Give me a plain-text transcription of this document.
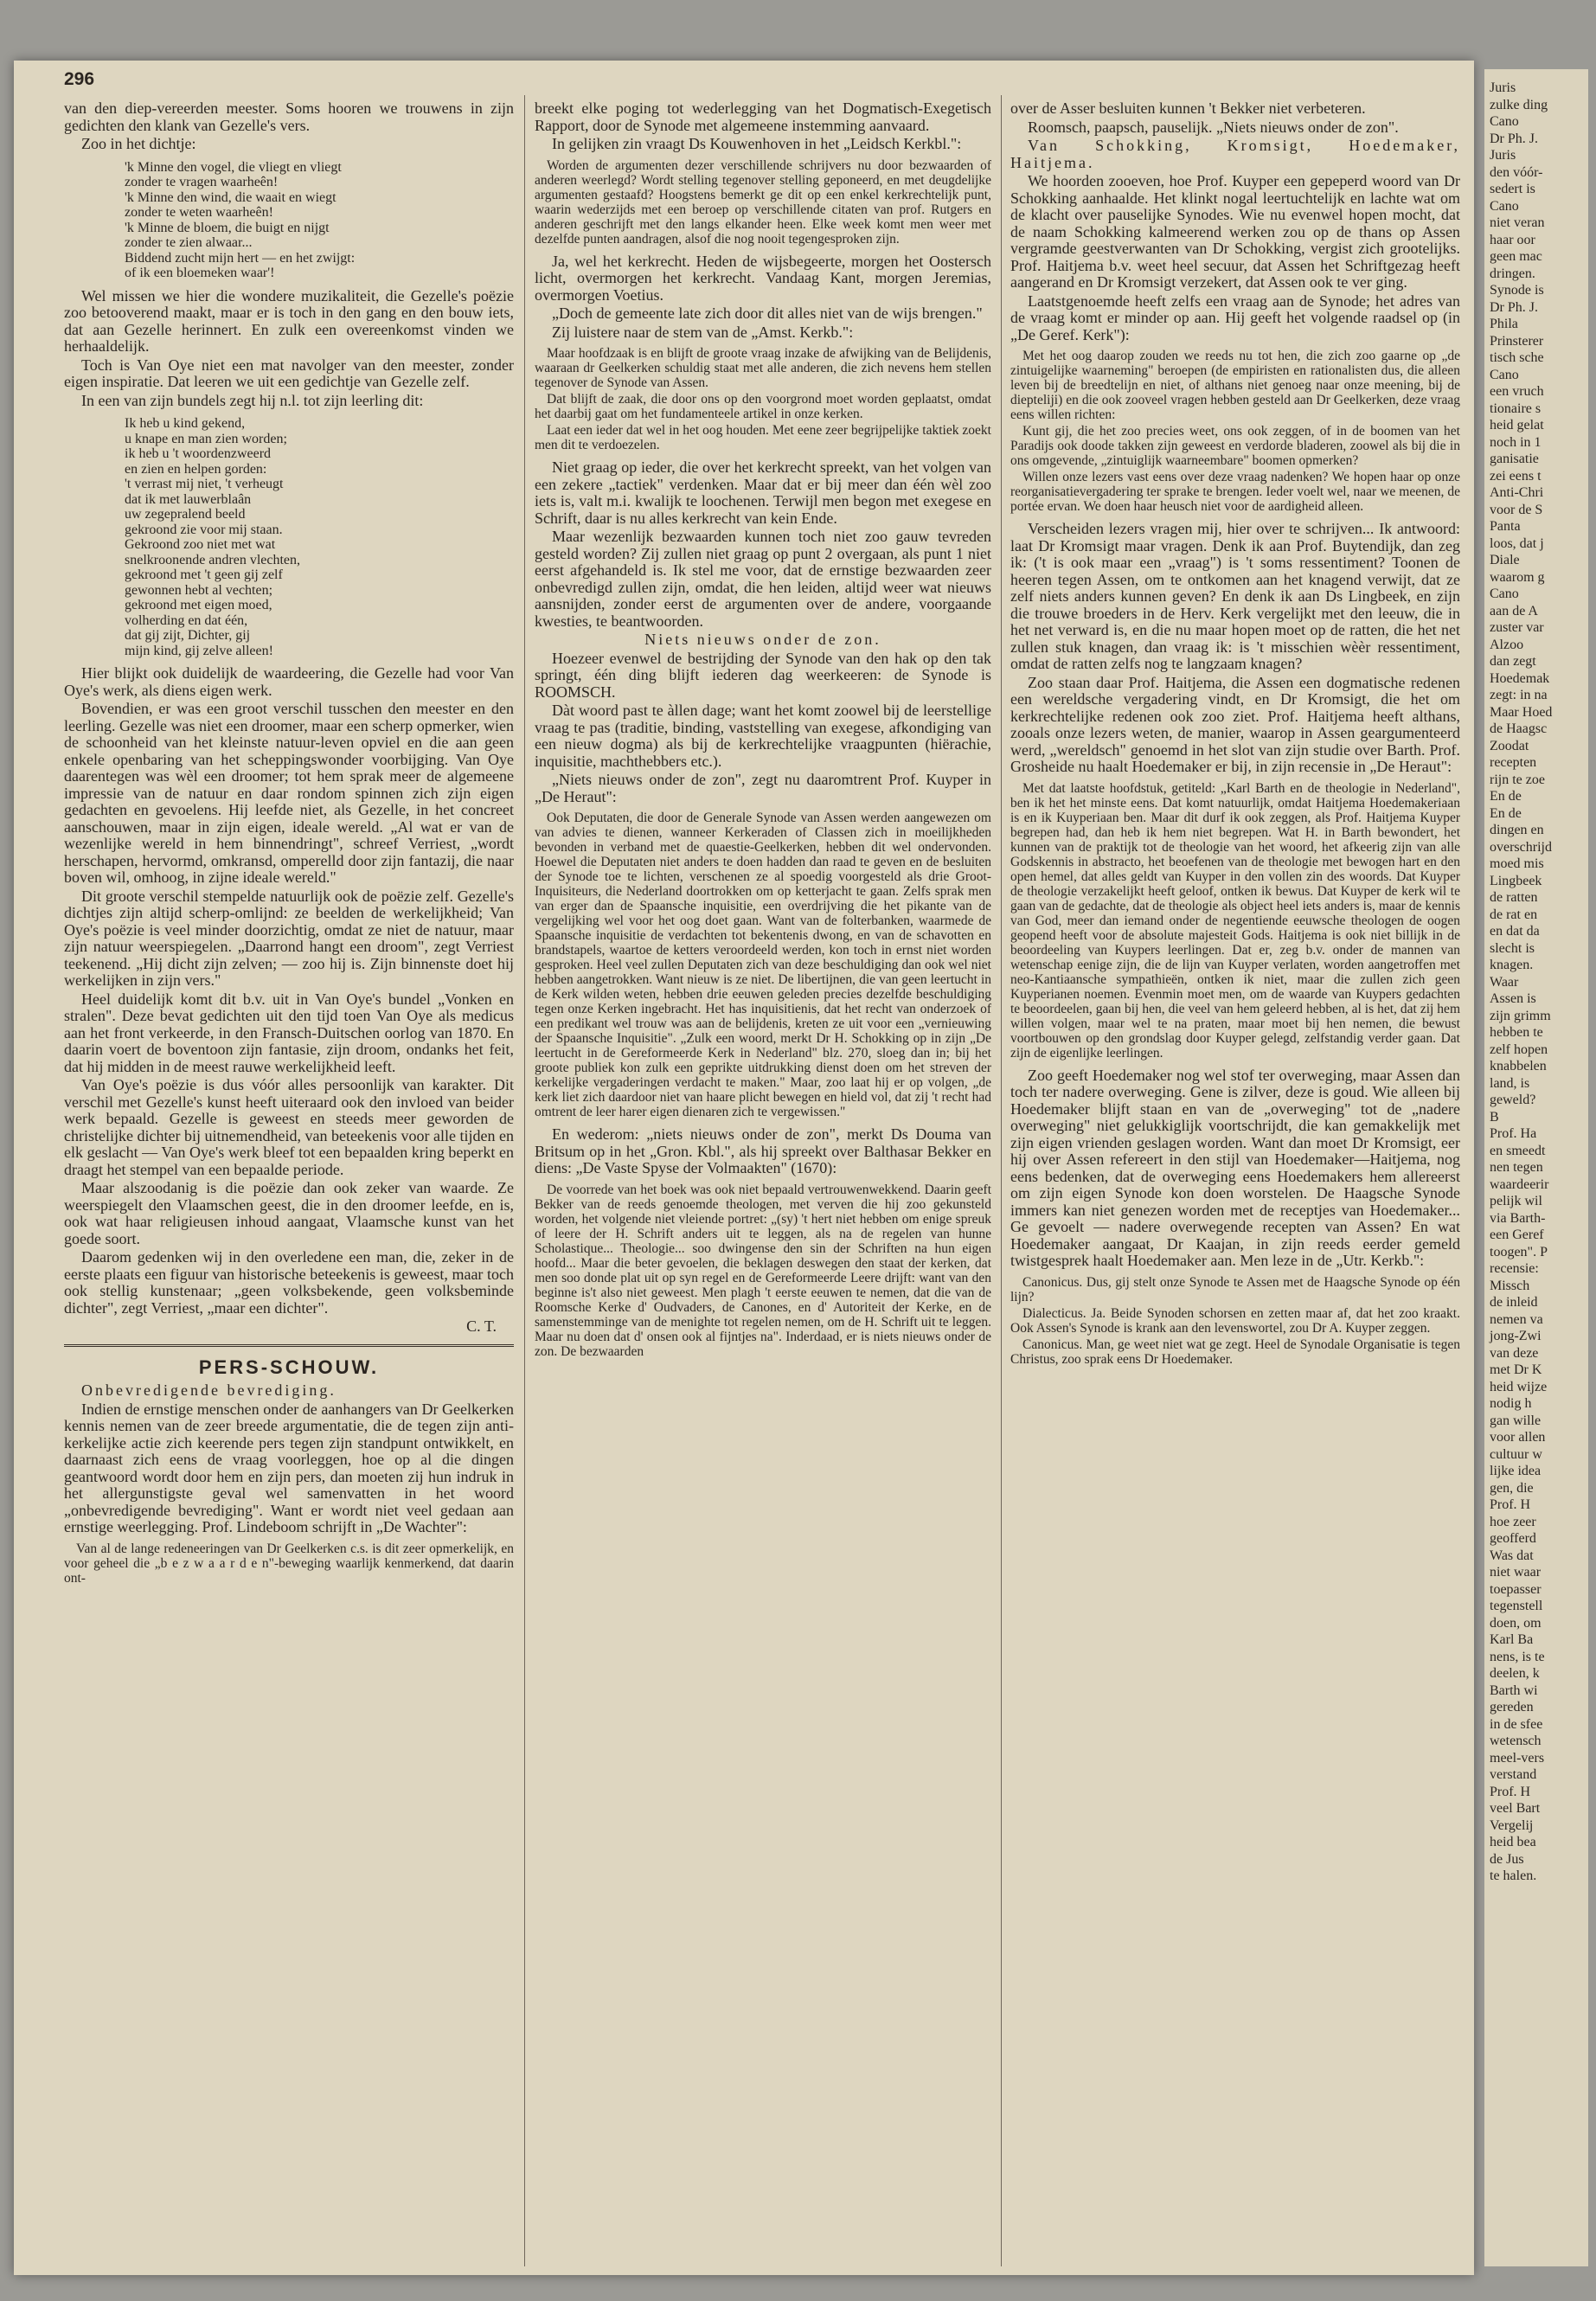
296

van den diep-vereerden meester. Soms hooren we trouwens in zijn gedichten den klank van Gezelle's vers.

Zoo in het dichtje:

'k Minne den vogel, die vliegt en vliegt
zonder te vragen waarheên!
'k Minne den wind, die waait en wiegt
zonder te weten waarheên!
'k Minne de bloem, die buigt en nijgt
zonder te zien alwaar...
Biddend zucht mijn hert — en het zwijgt:
of ik een bloemeken waar'!

Wel missen we hier die wondere muzikaliteit, die Gezelle's poëzie zoo betooverend maakt, maar er is toch in den gang en den bouw iets, dat aan Gezelle herinnert. En zulk een overeenkomst vinden we herhaaldelijk.

Toch is Van Oye niet een mat navolger van den meester, zonder eigen inspiratie. Dat leeren we uit een gedichtje van Gezelle zelf.

In een van zijn bundels zegt hij n.l. tot zijn leerling dit:

Ik heb u kind gekend,
u knape en man zien worden;
ik heb u 't woordenzweerd
en zien en helpen gorden:
't verrast mij niet, 't verheugt
dat ik met lauwerblaân
uw zegepralend beeld
gekroond zie voor mij staan.
Gekroond zoo niet met wat
snelkroonende andren vlechten,
gekroond met 't geen gij zelf
gewonnen hebt al vechten;
gekroond met eigen moed,
volherding en dat één,
dat gij zijt, Dichter, gij
mijn kind, gij zelve alleen!

Hier blijkt ook duidelijk de waardeering, die Gezelle had voor Van Oye's werk, als diens eigen werk.

Bovendien, er was een groot verschil tusschen den meester en den leerling. Gezelle was niet een droomer, maar een scherp opmerker, wien de schoonheid van het kleinste natuur-leven opviel en die aan geen enkele openbaring van het scheppingswonder voorbijging. Van Oye daarentegen was wèl een droomer; tot hem sprak meer de algemeene impressie van de natuur en daar rondom spinnen zich zijn eigen gedachten en gevoelens. Hij leefde niet, als Gezelle, in het concreet aanschouwen, maar in zijn eigen, ideale wereld. „Al wat er van de wezenlijke wereld in hem binnendringt", schreef Verriest, „wordt herschapen, hervormd, omkransd, omperelld door zijn fantazij, die naar boven wil, omhoog, in zijne ideale wereld."

Dit groote verschil stempelde natuurlijk ook de poëzie zelf. Gezelle's dichtjes zijn altijd scherp-omlijnd: ze beelden de werkelijkheid; Van Oye's poëzie is veel minder doorzichtig, omdat ze niet de natuur, maar zijn natuur weerspiegelen. „Daarrond hangt een droom", zegt Verriest teekenend. „Hij dicht zijn zelven; — zoo hij is. Zijn binnenste doet hij werkelijken in zijn vers."

Heel duidelijk komt dit b.v. uit in Van Oye's bundel „Vonken en stralen". Deze bevat gedichten uit den tijd toen Van Oye als medicus aan het front verkeerde, in den Fransch-Duitschen oorlog van 1870. En daarin voert de boventoon zijn fantasie, zijn droom, ondanks het feit, dat hij midden in de meest rauwe werkelijkheid leeft.

Van Oye's poëzie is dus vóór alles persoonlijk van karakter. Dit verschil met Gezelle's kunst heeft uiteraard ook den invloed van beider werk bepaald. Gezelle is geweest en steeds meer geworden de christelijke dichter bij uitnemendheid, van beteekenis voor alle tijden en elk geslacht — Van Oye's werk bleef tot een bepaalden kring beperkt en draagt het stempel van een bepaalde periode.

Maar alszoodanig is die poëzie dan ook zeker van waarde. Ze weerspiegelt den Vlaamschen geest, die in den droomer leefde, en is, ook wat haar religieusen inhoud aangaat, Vlaamsche kunst van het goede soort.

Daarom gedenken wij in den overledene een man, die, zeker in de eerste plaats een figuur van historische beteekenis is geweest, maar toch ook stellig kunstenaar; „geen volksbekende, geen volksbeminde dichter", zegt Verriest, „maar een dichter".

C. T.
PERS-SCHOUW.

Onbevredigende bevrediging.

Indien de ernstige menschen onder de aanhangers van Dr Geelkerken kennis nemen van de zeer breede argumentatie, die de tegen zijn anti-kerkelijke actie zich keerende pers tegen zijn standpunt ontwikkelt, en daarnaast zich eens de vraag voorleggen, hoe op al die dingen geantwoord wordt door hem en zijn pers, dan moeten zij hun indruk in het allergunstigste geval wel samenvatten in het woord „onbevredigende bevrediging". Want er wordt niet veel gedaan aan ernstige weerlegging. Prof. Lindeboom schrijft in „De Wachter":

Van al de lange redeneeringen van Dr Geelkerken c.s. is dit zeer opmerkelijk, en voor geheel die „b e z w a a r d e n"-beweging waarlijk kenmerkend, dat daarin ont-

breekt elke poging tot wederlegging van het Dogmatisch-Exegetisch Rapport, door de Synode met algemeene instemming aanvaard.

In gelijken zin vraagt Ds Kouwenhoven in het „Leidsch Kerkbl.":

Worden de argumenten dezer verschillende schrijvers nu door bezwaarden of anderen weerlegd? Wordt stelling tegenover stelling geponeerd, en met deugdelijke argumenten gestaafd? Hoogstens bemerkt ge dit op een enkel kerkrechtelijk punt, waarin wederzijds met een beroep op verschillende citaten van prof. Rutgers en anderen geschrijft met den langs elkander heen. Elke week komt men weer met dezelfde punten aandragen, alsof die nog nooit tegengesproken zijn.

Ja, wel het kerkrecht. Heden de wijsbegeerte, morgen het Oostersch licht, overmorgen het kerkrecht. Vandaag Kant, morgen Jeremias, overmorgen Voetius.

„Doch de gemeente late zich door dit alles niet van de wijs brengen."

Zij luistere naar de stem van de „Amst. Kerkb.":

Maar hoofdzaak is en blijft de groote vraag inzake de afwijking van de Belijdenis, waaraan dr Geelkerken schuldig staat met alle anderen, die zich nevens hem stellen tegenover de Synode van Assen.

Dat blijft de zaak, die door ons op den voorgrond moet worden geplaatst, omdat het daarbij gaat om het fundamenteele artikel in onze kerken.

Laat een ieder dat wel in het oog houden. Met eene zeer begrijpelijke taktiek zoekt men dit te verdoezelen.

Niet graag op ieder, die over het kerkrecht spreekt, van het volgen van een zekere „tactiek" verdenken. Maar dat er bij meer dan één wèl zoo iets is, valt m.i. kwalijk te loochenen. Terwijl men begon met exegese en Schrift, daar is nu alles kerkrecht van kein Ende.

Maar wezenlijk bezwaarden kunnen toch niet zoo gauw tevreden gesteld worden? Zij zullen niet graag op punt 2 overgaan, als punt 1 niet eerst afgehandeld is. Ik stel me voor, dat de ernstige bezwaarden zeer onbevredigd zullen zijn, omdat, die hen leiden, altijd weer wat nieuws aansnijden, zonder eerst de argumenten over de andere, voorgaande kwesties, te beantwoorden.

Niets nieuws onder de zon.

Hoezeer evenwel de bestrijding der Synode van den hak op den tak springt, één ding blijft iederen dag weerkeeren: de Synode is ROOMSCH.

Dàt woord past te àllen dage; want het komt zoowel bij de leerstellige vraag te pas (traditie, binding, vaststelling van exegese, afkondiging van een nieuw dogma) als bij de kerkrechtelijke vraagpunten (hiërachie, inquisitie, machthebbers etc.).

„Niets nieuws onder de zon", zegt nu daaromtrent Prof. Kuyper in „De Heraut":

Ook Deputaten, die door de Generale Synode van Assen werden aangewezen om van advies te dienen, wanneer Kerkeraden of Classen zich in moeilijkheden bevonden in verband met de quaestie-Geelkerken, hebben dit wel ondervonden. Hoewel die Deputaten niet anders te doen hadden dan raad te geven en de besluiten der Synode toe te lichten, verschenen ze al spoedig voorgesteld als drie Groot-Inquisiteurs, die Nederland doortrokken om op ketterjacht te gaan. Zelfs sprak men van erger dan de Spaansche inquisitie, een overdrijving die het pikante van de vergelijking wel voor het oog doet gaan. Want van de folterbanken, waarmede de Spaansche inquisitie de verdachten tot bekentenis dwong, en van de schavotten en brandstapels, waartoe de ketters veroordeeld werden, kon toch in ernst niet worden gesproken. Heel veel zullen Deputaten zich van deze beschuldiging dan ook wel niet hebben aangetrokken. Want nieuw is ze niet. De libertijnen, die van geen leertucht in de Kerk wilden weten, hebben drie eeuwen geleden precies dezelfde beschuldiging tegen onze Kerken ingebracht. Het has inquisitienis, dat het recht van onderzoek of een predikant wel trouw was aan de belijdenis, kreten ze uit voor een „vernieuwing der Spaansche Inquisitie". „Zulk een woord, merkt Dr H. Schokking op in zijn „De leertucht in de Gereformeerde Kerk in Nederland" blz. 270, sloeg dan in; bij het groote publiek kon zulk een geprikte uitdrukking dienst doen om het streven der kerkelijke vergaderingen verdacht te maken." Maar, zoo laat hij er op volgen, „de kerk liet zich daardoor niet van haare plicht bewegen en hield vol, dat zij 't recht had omtrent de leer harer eigen dienaren zich te vergewissen."

En wederom: „niets nieuws onder de zon", merkt Ds Douma van Britsum op in het „Gron. Kbl.", als hij spreekt over Balthasar Bekker en diens: „De Vaste Spyse der Volmaakten" (1670):

De voorrede van het boek was ook niet bepaald vertrouwenwekkend. Daarin geeft Bekker van de reeds genoemde theologen, met verven die hij zoo gekunsteld worden, het volgende niet vleiende portret: „(sy) 't hert niet hebben om enige spreuk of leere der H. Schrift anders uit te leggen, als na de regelen van hunne Scholastique... Theologie... soo dwingense den sin der Schriften na hun eigen hoofd... Maar die beter gevoelen, die beklagen deswegen den staat der kerken, dat men soo donde plat uit op syn regel en de Gereformeerde Leere drijft: want van den beginne is't also niet geweest. Men plagh 't eerste eeuwen te nemen, dat die van de Roomsche Kerke d' Oudvaders, de Canones, en d' Autoriteit der Kerke, en de samenstemminge van de menighte tot regelen nemen, om de H. Schrift uit te leggen. Maar nu doen dat d' onsen ook al fijntjes na". Inderdaad, er is niets nieuws onder de zon. De bezwaarden

over de Asser besluiten kunnen 't Bekker niet verbeteren.

Roomsch, paapsch, pauselijk. „Niets nieuws onder de zon".

Van Schokking, Kromsigt, Hoedemaker, Haitjema.

We hoorden zooeven, hoe Prof. Kuyper een gepeperd woord van Dr Schokking aanhaalde. Het klinkt nogal leertuchtelijk en lachte wat om de klacht over pauselijke Synodes. Wie nu evenwel hopen mocht, dat de naam Schokking kalmeerend werken zou op de thans op Assen vergramde geestverwanten van Dr Schokking, vergist zich grootelijks. Prof. Haitjema b.v. weet heel secuur, dat Assen het Schriftgezag heeft aangerand en Dr Kromsigt verzekert, dat Assen ook te ver ging.

Laatstgenoemde heeft zelfs een vraag aan de Synode; het adres van de vraag komt er minder op aan. Hij geeft het volgende raadsel op (in „De Geref. Kerk"):

Met het oog daarop zouden we reeds nu tot hen, die zich zoo gaarne op „de zintuigelijke waarneming" beroepen (de empiristen en rationalisten dus, die alleen leven bij de breedtelijn en niet, of althans niet genoeg naar onze meening, bij de diepteliji) en die ook zooveel vragen hebben gesteld aan Dr Geelkerken, deze vraag eens willen richten:

Kunt gij, die het zoo precies weet, ons ook zeggen, of in de boomen van het Paradijs ook doode takken zijn geweest en verdorde bladeren, zoowel als bij die in ons omgevende, „zintuiglijk waarneembare" boomen opmerken?

Willen onze lezers vast eens over deze vraag nadenken? We hopen haar op onze reorganisatievergadering ter sprake te brengen. Ieder voelt wel, naar we meenen, de portée ervan. We doen haar heusch niet voor de aardigheid alleen.

Verscheiden lezers vragen mij, hier over te schrijven... Ik antwoord: laat Dr Kromsigt maar vragen. Denk ik aan Prof. Buytendijk, dan zeg ik: ('t is ook maar een „vraag") is 't soms ressentiment? Toonen de heeren tegen Assen, om te ontkomen aan het knagend verwijt, dat ze zelf niets anders kunnen geven? En denk ik aan Ds Lingbeek, en zijn die trouwe broeders in de Herv. Kerk vergelijkt met den leeuw, die in het net verward is, en die nu maar hopen moet op de ratten, die het net zullen stuk knagen, dan vraag ik: is 't misschien wèèr ressentiment, omdat de ratten zelfs nog te langzaam knagen?

Zoo staan daar Prof. Haitjema, die Assen een dogmatische redenen een wereldsche vergadering vindt, en Dr Kromsigt, die het om kerkrechtelijke redenen ook zoo ziet. Prof. Haitjema heeft althans, zooals onze lezers weten, de manier, waarop in Assen geargumenteerd werd, „wereldsch" genoemd in het slot van zijn studie over Barth. Prof. Grosheide nu haalt Hoedemaker er bij, in zijn recensie in „De Heraut":

Met dat laatste hoofdstuk, getiteld: „Karl Barth en de theologie in Nederland", ben ik het het minste eens. Dat komt natuurlijk, omdat Haitjema Hoedemakeriaan is en ik Kuyperiaan ben. Maar dit durf ik ook zeggen, als Prof. Haitjema Kuyper begrepen had, dan heb ik hem niet begrepen. Wat H. in Barth bewondert, het kunnen van de praktijk tot de theologie van het woord, het afkeerig zijn van alle Godskennis in abstracto, het beoefenen van de theologie met bewogen hart en den open hemel, dat alles geldt van Kuyper in den vollen zin des woords. Dat Kuyper de theologie verzakelijkt heeft geloof, ontken ik bewus. Dat Kuyper de kerk wil te gaan van de gedachte, dat de theologie als object heel iets anders is, maar de kennis van God, meer dan iemand onder de negentiende eeuwsche theologen de oogen geopend heeft voor de absolute majesteit Gods. Haitjema is ook niet billijk in de beoordeeling van Kuypers leerlingen. Dat er, zeg b.v. onder de mannen van wetenschap eenige zijn, die de lijn van Kuyper verlaten, worden aangetroffen met neo-Kantiaansche sympathieën, ontken ik niet, maar die zullen zich geen Kuyperianen noemen. Evenmin moet men, om de waarde van Kuypers gedachten te beoordeelen, gaan bij hen, die veel van hem geleerd hebben, al is het, dat zij hem willen volgen, maar wel te na praten, maar moet bij hen nemen, die bewust voortbouwen op den grondslag door Kuyper gelegd, zelfstandig verder gaan. Dat zijn de eigenlijke leerlingen.

Zoo geeft Hoedemaker nog wel stof ter overweging, maar Assen dan toch ter nadere overweging. Gene is zilver, deze is goud. Wie alleen bij Hoedemaker blijft staan en van de „overweging" tot de „nadere overweging" niet gelukkiglijk voortschrijdt, die kan gemakkelijk met zijn eigen vrienden geslagen worden. Want dan moet Dr Kromsigt, eer hij over Assen refereert in den stijl van Hoedemaker—Haitjema, nog eens bedenken, dat de overweging eens Hoedemakers hem allereerst om zijn eigen Synode kon doen worstelen. De Haagsche Synode immers kan niet genezen worden met de receptjes van Hoedemaker... Ge gevoelt — nadere overwegende recepten van Assen? En wat Hoedemaker aangaat, Dr Kaajan, in zijn reeds eerder gemeld twistgesprek haalt Hoedemaker aan. Men leze in de „Utr. Kerkb.":

Canonicus. Dus, gij stelt onze Synode te Assen met de Haagsche Synode op één lijn?

Dialecticus. Ja. Beide Synoden schorsen en zetten maar af, dat het zoo kraakt. Ook Assen's Synode is krank aan den levenswortel, zou Dr A. Kuyper zeggen.

Canonicus. Man, ge weet niet wat ge zegt. Heel de Synodale Organisatie is tegen Christus, zoo sprak eens Dr Hoedemaker.

Juris
zulke ding
Cano
Dr Ph. J.
Juris
den vóór-
sedert is
Cano
niet veran
haar oor
geen mac
dringen.
Synode is
Dr Ph. J.
Phila
Prinsterer
tisch sche
Cano
een vruch
tionaire s
heid gelat
noch in 1
ganisatie
zei eens t
Anti-Chri
voor de S
Panta
loos, dat j
Diale
waarom g
Cano
aan de A
zuster var
Alzoo
dan zegt
Hoedemak
zegt: in na
Maar Hoed
de Haagsc
Zoodat
recepten
rijn te zoe
En de
En de
dingen en
overschrijd
moed mis
Lingbeek
de ratten
de rat en
en dat da
slecht is
knagen.
Waar
Assen is
zijn grimm
hebben te
zelf hopen
knabbelen
land, is
geweld?
B
Prof. Ha
en smeedt
nen tegen
waardeerir
pelijk wil
via Barth-
een Geref
toogen". P
recensie:
Missch
de inleid
nemen va
jong-Zwi
van deze
met Dr K
heid wijze
nodig h
gan wille
voor allen
cultuur w
lijke idea
gen, die
Prof. H
hoe zeer
geofferd
Was dat
niet waar
toepasser
tegenstell
doen, om
Karl Ba
nens, is te
deelen, k
Barth wi
gereden
in de sfee
wetensch
meel-vers
verstand
Prof. H
veel Bart
Vergelij
heid bea
de Jus
te halen.
